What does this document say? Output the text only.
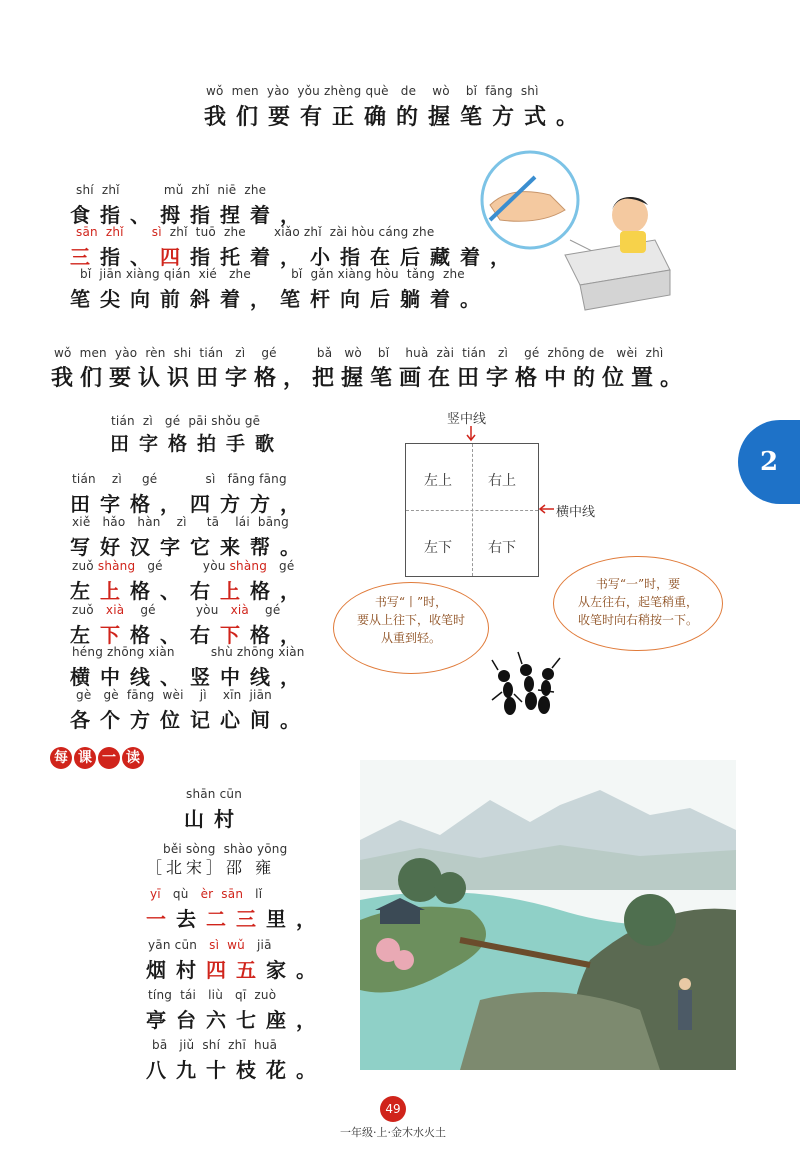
wǒ  men  yào  yǒu zhèng què   de    wò    bǐ  fāng  shì
我们要有正确的握笔方式。
shí  zhǐ           mǔ  zhǐ  niē  zhe
食指、拇指捏着，
sān  zhǐ       sì  zhǐ  tuō  zhe       xiǎo zhǐ  zài hòu cáng zhe
三指、四指托着，小指在后藏着，
bǐ  jiān xiàng qián  xié   zhe          bǐ  gǎn xiàng hòu  tǎng  zhe
笔尖向前斜着，笔杆向后躺着。
wǒ  men  yào  rèn  shi  tián   zì    gé          bǎ   wò    bǐ    huà  zài  tián   zì    gé  zhōng de   wèi  zhì
我们要认识田字格，把握笔画在田字格中的位置。
tián  zì   gé  pāi shǒu gē
田字格拍手歌
tián    zì     gé            sì   fāng fāng
田字格，四方方，
xiě   hǎo   hàn    zì     tā    lái  bāng
写好汉字它来帮。
zuǒ shàng   gé          yòu shàng   gé
左上格、右上格，
zuǒ   xià    gé          yòu   xià    gé
左下格、右下格，
héng zhōng xiàn         shù zhōng xiàn
横中线、竖中线，
gè   gè  fāng  wèi    jì    xīn  jiān
各个方位记心间。
竖中线
左上	右上
左下	右下
横中线
2
书写“丨”时，
要从上往下，收笔时
从重到轻。
书写“一”时，要
从左往右，起笔稍重，
收笔时向右稍按一下。
每 课 一 读
shān cūn
山村
běi sòng  shào yōng
［北宋］邵 雍
yī   qù   èr  sān   lǐ
一去二三里，
yān cūn   sì  wǔ   jiā
烟村四五家。
tíng  tái   liù   qī  zuò
亭台六七座，
bā   jiǔ  shí  zhī  huā
八九十枝花。
49
一年级·上·金木水火土
